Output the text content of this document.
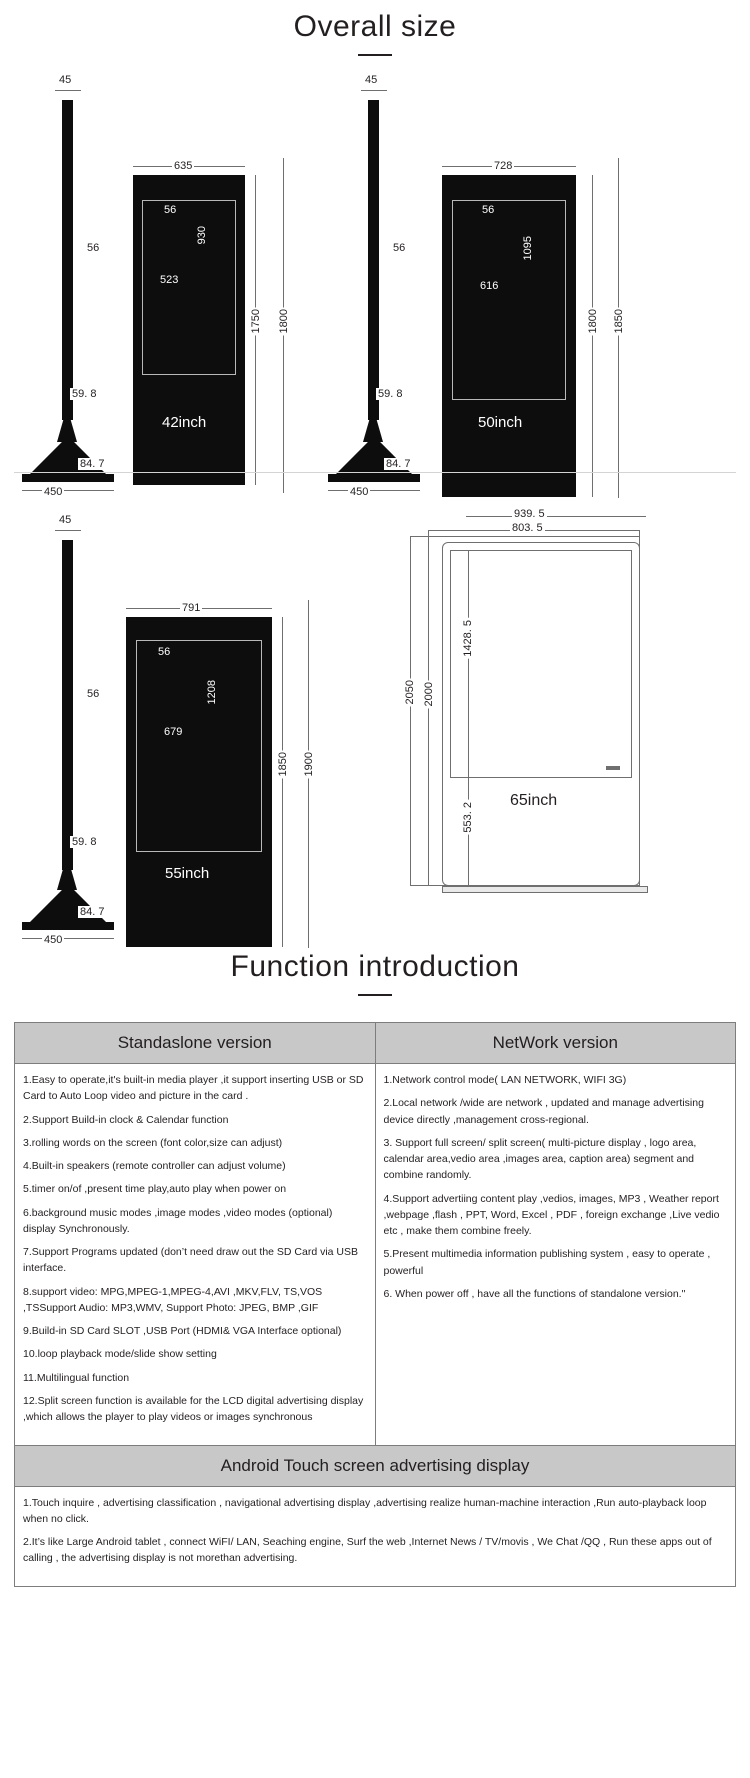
Overall size
45
56
59. 8
84. 7
450
635
56
930
523
1750 1800
42inch
45
56
59. 8
84. 7
450
728
56
1095
616
1800 1850
50inch
45
56
59. 8
84. 7
450
791
56
1208
679
1850 1900
55inch
939. 5
803. 5
1428. 5
553. 2
2000
2050
65inch
Function introduction
Standaslone version	NetWork version

1.Easy to operate,it's built-in media player ,it support inserting USB or SD Card to Auto Loop video and picture in the card .

2.Support Build-in clock & Calendar function

3.rolling words on the screen (font color,size can adjust)

4.Built-in speakers (remote controller can adjust volume)

5.timer on/of ,present time play,auto play when power on

6.background music modes ,image modes ,video modes (optional) display Synchronously.

7.Support Programs updated (don’t need draw out the SD Card via USB interface.

8.support video: MPG,MPEG-1,MPEG-4,AVI ,MKV,FLV, TS,VOS ,TSSupport Audio: MP3,WMV, Support Photo: JPEG, BMP ,GIF

9.Build-in SD Card SLOT ,USB Port (HDMI& VGA Interface optional)

10.loop playback mode/slide show setting

11.Multilingual function

12.Split screen function is available for the LCD digital advertising display ,which allows the player to play videos or images synchronous

1.Network control mode( LAN NETWORK, WIFI 3G)

2.Local network /wide are network , updated and manage advertising device directly ,management cross-regional.

3. Support full screen/ split screen( multi-picture display , logo area, calendar area,vedio area ,images area, caption area) segment and combine randomly.

4.Support advertiing content play ,vedios, images, MP3 , Weather report ,webpage ,flash , PPT, Word, Excel , PDF , foreign exchange ,Live vedio etc , make them combine freely.

5.Present multimedia information publishing system , easy to operate , powerful

6. When power off , have all the functions of standalone version."

Android Touch screen advertising display	

1.Touch inquire , advertising classification , navigational advertising display ,advertising realize human-machine interaction ,Run auto-playback loop when no click.

2.It’s like Large Android tablet , connect WiFI/ LAN, Seaching engine, Surf the web ,Internet News / TV/movis , We Chat /QQ , Run these apps out of calling , the advertising display is not morethan advertising.	
